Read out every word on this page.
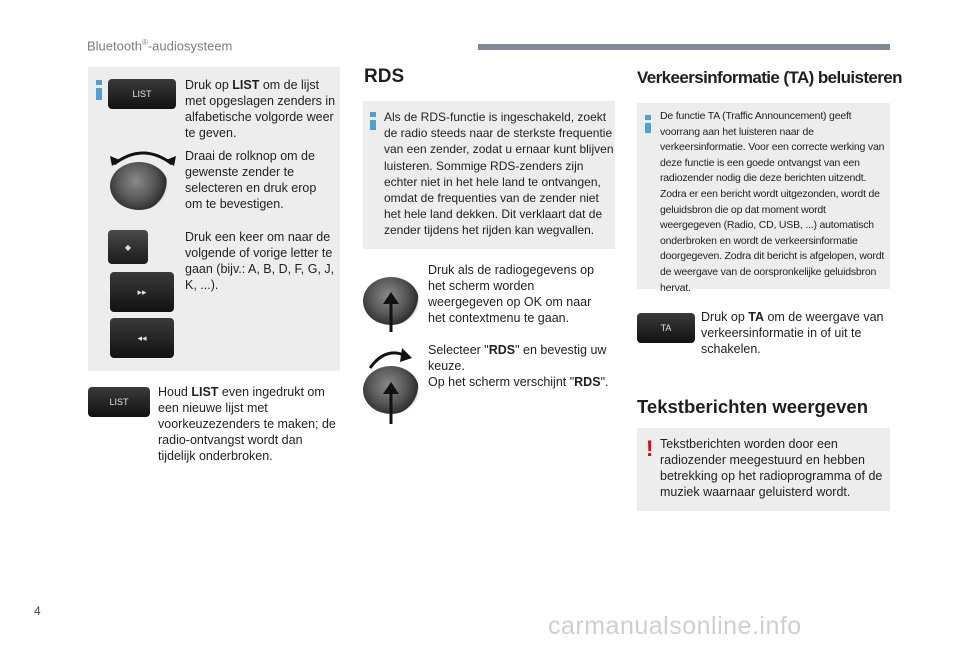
Bluetooth®-audiosysteem
LIST
Druk op LIST om de lijst met opgeslagen zenders in alfabetische volgorde weer te geven.
Draai de rolknop om de gewenste zender te selecteren en druk erop om te bevestigen.
◆
▸▸
◂◂
Druk een keer om naar de volgende of vorige letter te gaan (bijv.: A, B, D, F, G, J, K, ...).
LIST
Houd LIST even ingedrukt om een nieuwe lijst met voorkeuzezenders te maken; de radio-ontvangst wordt dan tijdelijk onderbroken.
RDS
Als de RDS-functie is ingeschakeld, zoekt de radio steeds naar de sterkste frequentie van een zender, zodat u ernaar kunt blijven luisteren. Sommige RDS-zenders zijn echter niet in het hele land te ontvangen, omdat de frequenties van de zender niet het hele land dekken. Dit verklaart dat de zender tijdens het rijden kan wegvallen.
Druk als de radiogegevens op het scherm worden weergegeven op OK om naar het contextmenu te gaan.
Selecteer "RDS" en bevestig uw keuze.
Op het scherm verschijnt "RDS".
Verkeersinformatie (TA) beluisteren
De functie TA (Traffic Announcement) geeft voorrang aan het luisteren naar de verkeersinformatie. Voor een correcte werking van deze functie is een goede ontvangst van een radiozender nodig die deze berichten uitzendt. Zodra er een bericht wordt uitgezonden, wordt de geluidsbron die op dat moment wordt weergegeven (Radio, CD, USB, ...) automatisch onderbroken en wordt de verkeersinformatie doorgegeven. Zodra dit bericht is afgelopen, wordt de weergave van de oorspronkelijke geluidsbron hervat.
TA
Druk op TA om de weergave van verkeersinformatie in of uit te schakelen.
Tekstberichten weergeven
! Tekstberichten worden door een radiozender meegestuurd en hebben betrekking op het radioprogramma of de muziek waarnaar geluisterd wordt.
4
carmanualsonline.info
